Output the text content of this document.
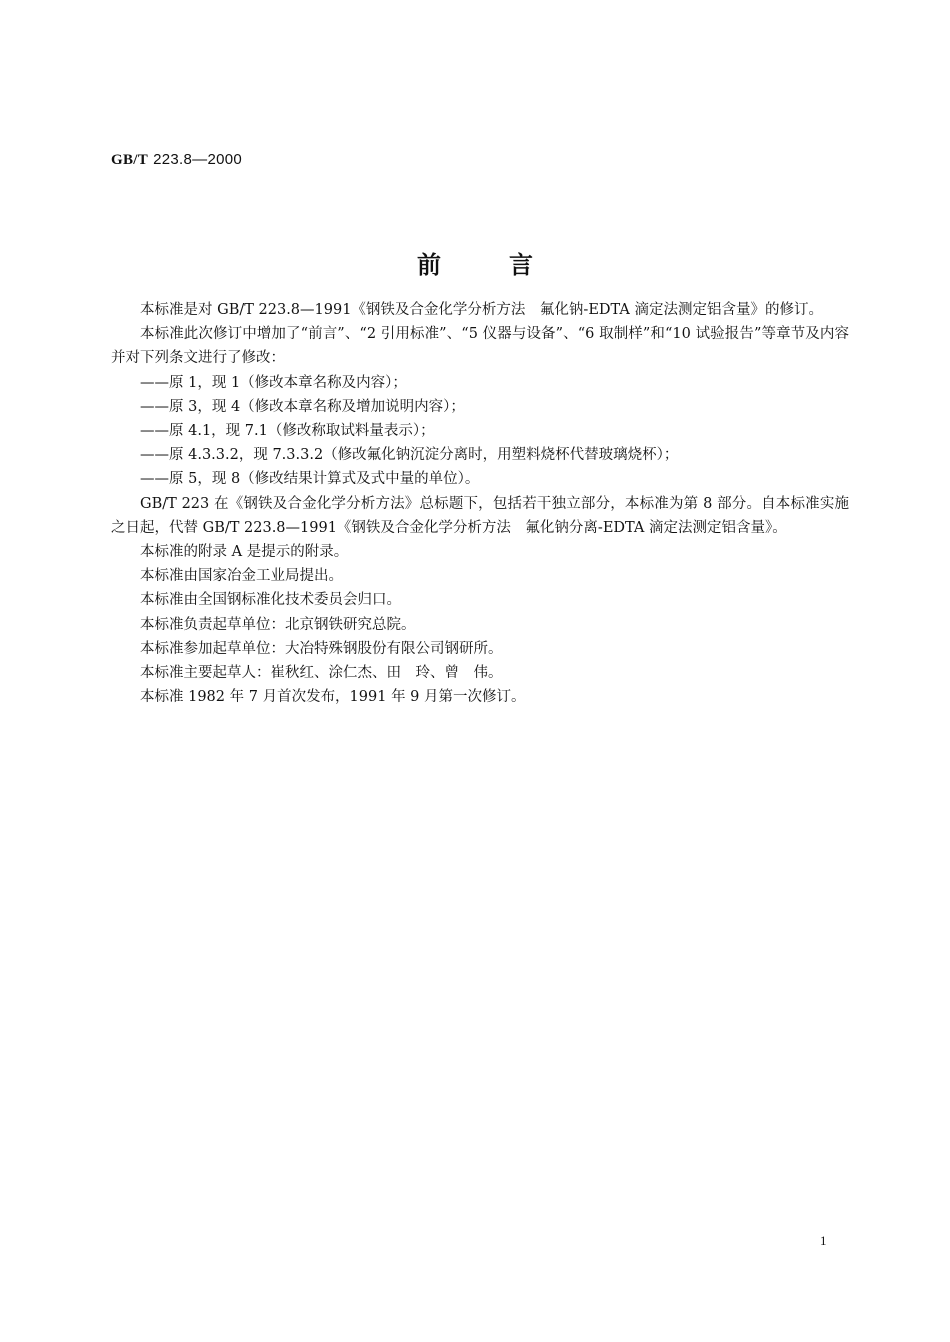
GB/T 223.8—2000
前言

本标准是对 GB/T 223.8—1991《钢铁及合金化学分析方法　氟化钠-EDTA 滴定法测定铝含量》的修订。

本标准此次修订中增加了“前言”、“2 引用标准”、“5 仪器与设备”、“6 取制样”和“10 试验报告”等章节及内容并对下列条文进行了修改：

——原 1，现 1（修改本章名称及内容）；

——原 3，现 4（修改本章名称及增加说明内容）；

——原 4.1，现 7.1（修改称取试料量表示）；

——原 4.3.3.2，现 7.3.3.2（修改氟化钠沉淀分离时，用塑料烧杯代替玻璃烧杯）；

——原 5，现 8（修改结果计算式及式中量的单位）。

GB/T 223 在《钢铁及合金化学分析方法》总标题下，包括若干独立部分，本标准为第 8 部分。自本标准实施之日起，代替 GB/T 223.8—1991《钢铁及合金化学分析方法　氟化钠分离-EDTA 滴定法测定铝含量》。

本标准的附录 A 是提示的附录。

本标准由国家冶金工业局提出。

本标准由全国钢标准化技术委员会归口。

本标准负责起草单位：北京钢铁研究总院。

本标准参加起草单位：大冶特殊钢股份有限公司钢研所。

本标准主要起草人：崔秋红、涂仁杰、田　玲、曾　伟。

本标准 1982 年 7 月首次发布，1991 年 9 月第一次修订。

1
